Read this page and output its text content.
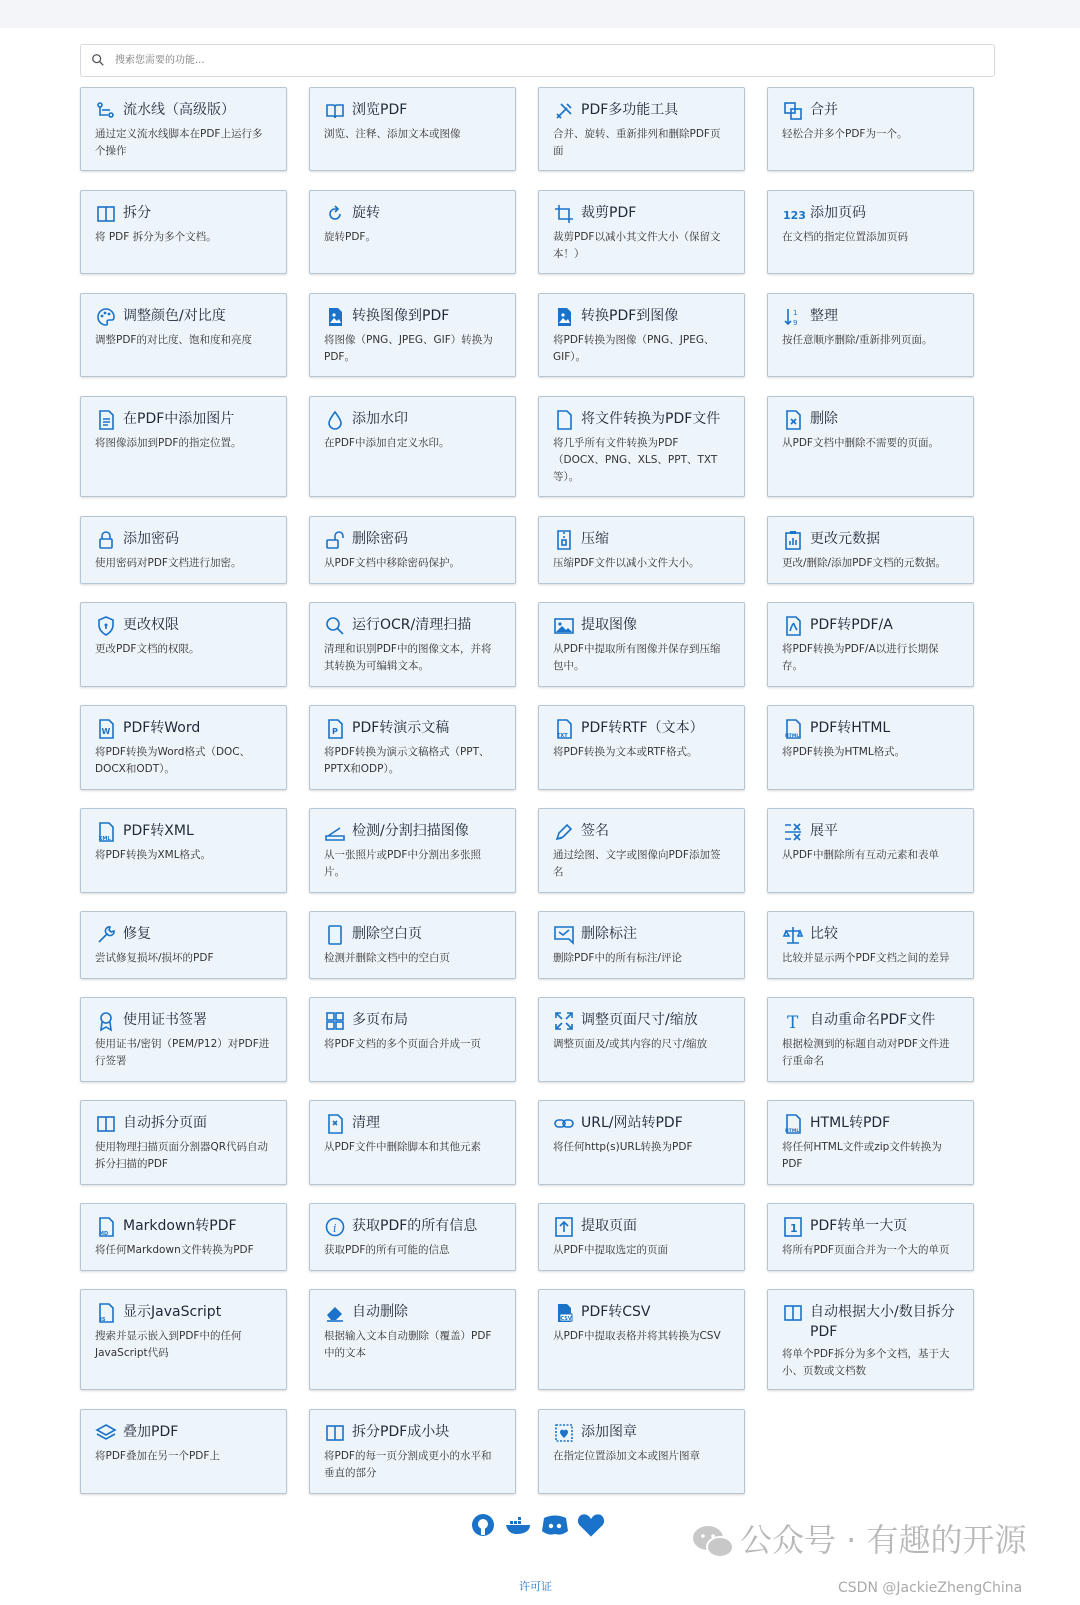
搜索您需要的功能...
流水线（高级版）
通过定义流水线脚本在PDF上运行多个操作
浏览PDF
浏览、注释、添加文本或图像
PDF多功能工具
合并、旋转、重新排列和删除PDF页面
合并
轻松合并多个PDF为一个。
拆分
将 PDF 拆分为多个文档。
旋转
旋转PDF。
裁剪PDF
裁剪PDF以减小其文件大小（保留文本！）
123 添加页码
在文档的指定位置添加页码
调整颜色/对比度
调整PDF的对比度、饱和度和亮度
转换图像到PDF
将图像（PNG、JPEG、GIF）转换为PDF。
转换PDF到图像
将PDF转换为图像（PNG、JPEG、GIF）。
1
9 整理
按任意顺序删除/重新排列页面。
在PDF中添加图片
将图像添加到PDF的指定位置。
添加水印
在PDF中添加自定义水印。
将文件转换为PDF文件
将几乎所有文件转换为PDF（DOCX、PNG、XLS、PPT、TXT等）。
删除
从PDF文档中删除不需要的页面。
添加密码
使用密码对PDF文档进行加密。
删除密码
从PDF文档中移除密码保护。
压缩
压缩PDF文件以减小文件大小。
更改元数据
更改/删除/添加PDF文档的元数据。
更改权限
更改PDF文档的权限。
运行OCR/清理扫描
清理和识别PDF中的图像文本，并将其转换为可编辑文本。
提取图像
从PDF中提取所有图像并保存到压缩包中。
PDF转PDF/A
将PDF转换为PDF/A以进行长期保存。
W PDF转Word
将PDF转换为Word格式（DOC、DOCX和ODT）。
P PDF转演示文稿
将PDF转换为演示文稿格式（PPT、PPTX和ODP）。
TXT PDF转RTF（文本）
将PDF转换为文本或RTF格式。
HTML
PDF转HTML
将PDF转换为HTML格式。
XML PDF转XML
将PDF转换为XML格式。
检测/分割扫描图像
从一张照片或PDF中分割出多张照片。
签名
通过绘图、文字或图像向PDF添加签名
展平
从PDF中删除所有互动元素和表单
修复
尝试修复损坏/损坏的PDF
删除空白页
检测并删除文档中的空白页
删除标注
删除PDF中的所有标注/评论
比较
比较并显示两个PDF文档之间的差异
使用证书签署
使用证书/密钥（PEM/P12）对PDF进行签署
多页布局
将PDF文档的多个页面合并成一页
调整页面尺寸/缩放
调整页面及/或其内容的尺寸/缩放
T 自动重命名PDF文件
根据检测到的标题自动对PDF文件进行重命名
自动拆分页面
使用物理扫描页面分割器QR代码自动拆分扫描的PDF
清理
从PDF文件中删除脚本和其他元素
URL/网站转PDF
将任何http(s)URL转换为PDF
HTML
HTML转PDF
将任何HTML文件或zip文件转换为PDF
MD Markdown转PDF
将任何Markdown文件转换为PDF
i 获取PDF的所有信息
获取PDF的所有可能的信息
提取页面
从PDF中提取选定的页面
1 PDF转单一大页
将所有PDF页面合并为一个大的单页
JS 显示JavaScript
搜索并显示嵌入到PDF中的任何JavaScript代码
自动删除
根据输入文本自动删除（覆盖）PDF中的文本
CSV PDF转CSV
从PDF中提取表格并将其转换为CSV
自动根据大小/数目拆分PDF
将单个PDF拆分为多个文档，基于大小、页数或文档数
叠加PDF
将PDF叠加在另一个PDF上
拆分PDF成小块
将PDF的每一页分割成更小的水平和垂直的部分
添加图章
在指定位置添加文本或图片图章
许可证
公众号 · 有趣的开源
CSDN @JackieZhengChina
